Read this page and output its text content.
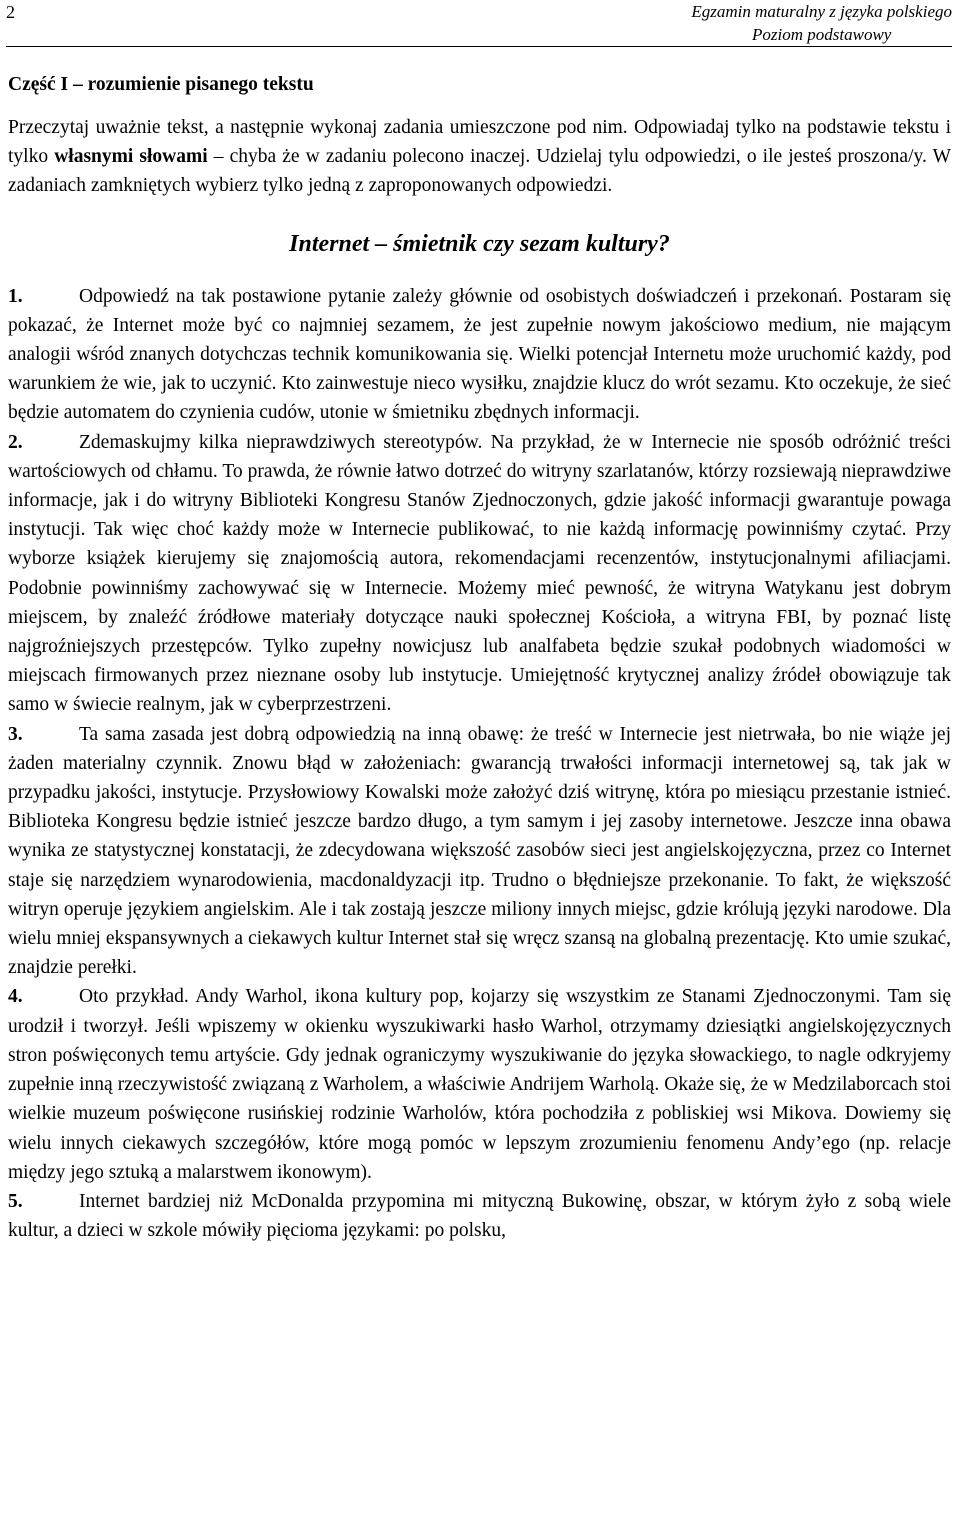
2	Egzamin maturalny z języka polskiego
Poziom podstawowy
Część I – rozumienie pisanego tekstu

Przeczytaj uważnie tekst, a następnie wykonaj zadania umieszczone pod nim. Odpowiadaj tylko na podstawie tekstu i tylko własnymi słowami – chyba że w zadaniu polecono inaczej. Udzielaj tylu odpowiedzi, o ile jesteś proszona/y. W zadaniach zamkniętych wybierz tylko jedną z zaproponowanych odpowiedzi.

Internet – śmietnik czy sezam kultury?

1.	Odpowiedź na tak postawione pytanie zależy głównie od osobistych doświadczeń i przekonań. Postaram się pokazać, że Internet może być co najmniej sezamem, że jest zupełnie nowym jakościowo medium, nie mającym analogii wśród znanych dotychczas technik komunikowania się. Wielki potencjał Internetu może uruchomić każdy, pod warunkiem że wie, jak to uczynić. Kto zainwestuje nieco wysiłku, znajdzie klucz do wrót sezamu. Kto oczekuje, że sieć będzie automatem do czynienia cudów, utonie w śmietniku zbędnych informacji.

2.	Zdemaskujmy kilka nieprawdziwych stereotypów. Na przykład, że w Internecie nie sposób odróżnić treści wartościowych od chłamu. To prawda, że równie łatwo dotrzeć do witryny szarlatanów, którzy rozsiewają nieprawdziwe informacje, jak i do witryny Biblioteki Kongresu Stanów Zjednoczonych, gdzie jakość informacji gwarantuje powaga instytucji. Tak więc choć każdy może w Internecie publikować, to nie każdą informację powinniśmy czytać. Przy wyborze książek kierujemy się znajomością autora, rekomendacjami recenzentów, instytucjonalnymi afiliacjami. Podobnie powinniśmy zachowywać się w Internecie. Możemy mieć pewność, że witryna Watykanu jest dobrym miejscem, by znaleźć źródłowe materiały dotyczące nauki społecznej Kościoła, a witryna FBI, by poznać listę najgroźniejszych przestępców. Tylko zupełny nowicjusz lub analfabeta będzie szukał podobnych wiadomości w miejscach firmowanych przez nieznane osoby lub instytucje. Umiejętność krytycznej analizy źródeł obowiązuje tak samo w świecie realnym, jak w cyberprzestrzeni.

3.	Ta sama zasada jest dobrą odpowiedzią na inną obawę: że treść w Internecie jest nietrwała, bo nie wiąże jej żaden materialny czynnik. Znowu błąd w założeniach: gwarancją trwałości informacji internetowej są, tak jak w przypadku jakości, instytucje. Przysłowiowy Kowalski może założyć dziś witrynę, która po miesiącu przestanie istnieć. Biblioteka Kongresu będzie istnieć jeszcze bardzo długo, a tym samym i jej zasoby internetowe. Jeszcze inna obawa wynika ze statystycznej konstatacji, że zdecydowana większość zasobów sieci jest angielskojęzyczna, przez co Internet staje się narzędziem wynarodowienia, macdonaldyzacji itp. Trudno o błędniejsze przekonanie. To fakt, że większość witryn operuje językiem angielskim. Ale i tak zostają jeszcze miliony innych miejsc, gdzie królują języki narodowe. Dla wielu mniej ekspansywnych a ciekawych kultur Internet stał się wręcz szansą na globalną prezentację. Kto umie szukać, znajdzie perełki.

4.	Oto przykład. Andy Warhol, ikona kultury pop, kojarzy się wszystkim ze Stanami Zjednoczonymi. Tam się urodził i tworzył. Jeśli wpiszemy w okienku wyszukiwarki hasło Warhol, otrzymamy dziesiątki angielskojęzycznych stron poświęconych temu artyście. Gdy jednak ograniczymy wyszukiwanie do języka słowackiego, to nagle odkryjemy zupełnie inną rzeczywistość związaną z Warholem, a właściwie Andrijem Warholą. Okaże się, że w Medzilaborcach stoi wielkie muzeum poświęcone rusińskiej rodzinie Warholów, która pochodziła z pobliskiej wsi Mikova. Dowiemy się wielu innych ciekawych szczegółów, które mogą pomóc w lepszym zrozumieniu fenomenu Andy’ego (np. relacje między jego sztuką a malarstwem ikonowym).

5.	Internet bardziej niż McDonalda przypomina mi mityczną Bukowinę, obszar, w którym żyło z sobą wiele kultur, a dzieci w szkole mówiły pięcioma językami: po polsku,
